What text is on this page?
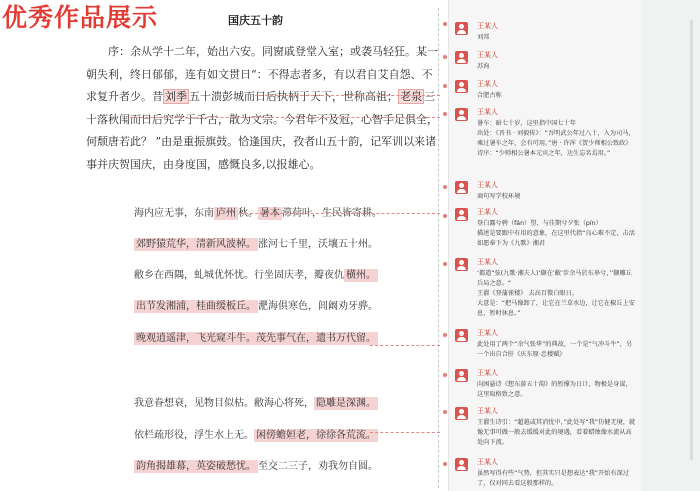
优秀作品展示	国庆五十韵

序：余从学十二年，始出六安。同窗戚登堂入室；或袭马轻狂。某一朝失利，终日郁郁，连有如文贯日“：不得志者多，有以君自艾自怨、不求复升者少。昔 刘季 五十溃彭城而日后执柄于天下，世称高祖； 老泉 三十落秋闱而日后究学于千古，散为文宗。今君年不及冠，心智手足俱全，何颓唐若此？ ”由是重振旗鼓。恰逢国庆，孜者山五十韵，记军训以来诸事并庆贺国庆，由身度国，感慨良多,以报雄心。

海内应无事，东南 庐州 秋。 暑本 滞荷叶，生民皆寄耕。
郊野猿荒华，清新风波棹。 涨河七千里，沃壤五十州。
敝乡在西隅，虬城优怀忧。行坐固庆孝，瓣夜仇 横州。
出节发湘浦，桂曲缓板丘。 淝海俱寒色，闾阚劝牙骅。
晚观逍遥津，飞光窥斗牛。茂先事气在，遗书万代留。
我意眷想衰，见物目似枯。敝海心将死， 隐雕是深渊。
依栏疏形役，浮生水上无。 闲傍蟾姮老，徐徐各荒流。
韵角揭雄幕，英姿破愁忧。 至交二三子，劝我勿自圆。
王某人
刘邦
王某人
苏洵
王某人
合肥古称
王某人
暑车：暗七十岁，这里指中国七十年
出处：《晋书 · 刘毅传》：“吾明武公年过八十，入为司马，乘过暑车之年，会有可用。”唐 · 许浑《贺少师相公致政》诗序：“少师相公暑本元宾之年，达生忘名焉用。”
王某人
商句写学校环境
王某人
登白露兮骋（fán）望，与佳期兮夕张（pín）
描述是要跟中有用的意象，在这里代指“良心难不定，击活如愿奉下为《九歌》湘君
王某人
‘都道“弦(九歌·湘夫人)’撷在‘敝’步余马於东皋兮，’’撷雕丘兵局之意。“
王濯《登蒲雀楼》 去高百微白眼日。
大意是：“把马像卸了，让它在兰草水边，让它在椒丘上安息，暂时休息。”
王某人
此处用了两个“余气张华”的典故，一个是“气冲斗牛”，另一个出自合肝《庆东原·忠楼赋》
王某人
向困悬诗《想东游五十韵》的暂撑为日计，物极是身谋，这里取格致之意。
王某人
王濯生诗引：“超越或其消忧中，”此处写“我”仿健无境，就像无事可做一般去缓缓对此的境遇，看着蜡烛像水流从高处向下流。
王某人
虽然写得有些“气势，但其实只是想表达“我”开始有深过了，仅对同去看这般那样的。
